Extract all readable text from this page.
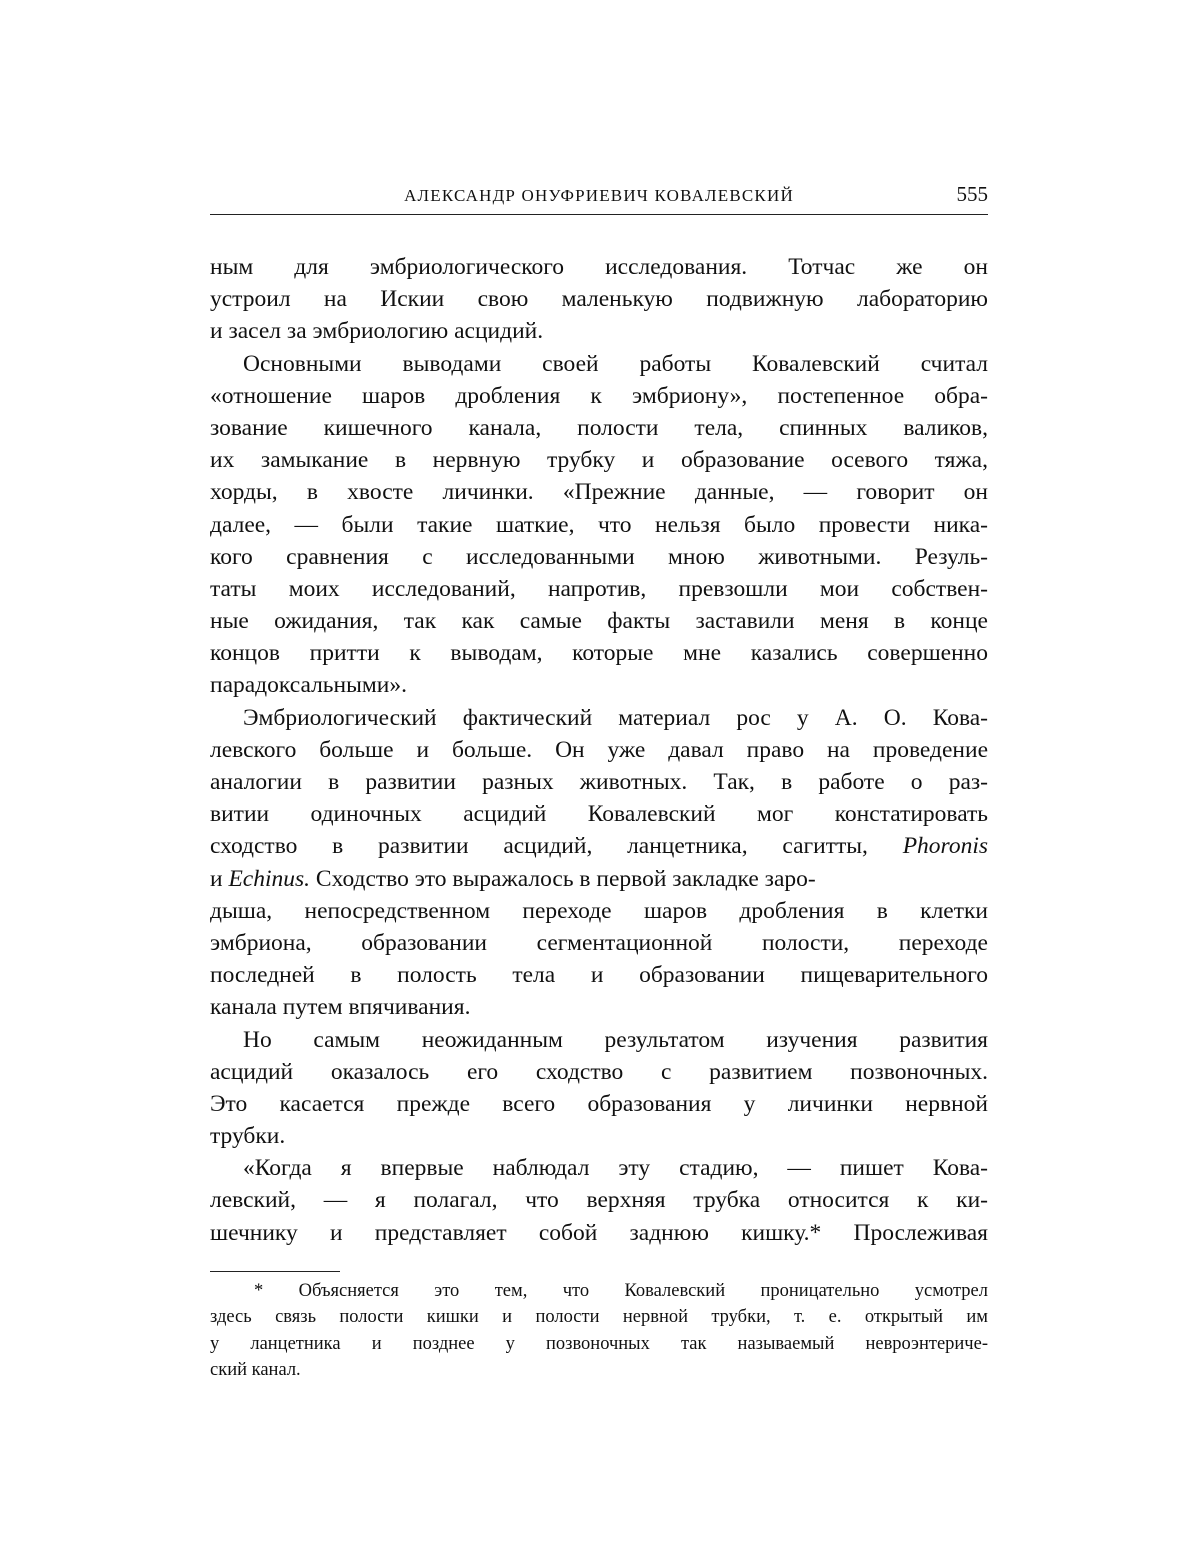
АЛЕКСАНДР ОНУФРИЕВИЧ КОВАЛЕВСКИЙ	555
ным для эмбриологического исследования. Тотчас же он
устроил на Искии свою маленькую подвижную лабораторию
и засел за эмбриологию асцидий.
Основными выводами своей работы Ковалевский считал
«отношение шаров дробления к эмбриону», постепенное обра-
зование кишечного канала, полости тела, спинных валиков,
их замыкание в нервную трубку и образование осевого тяжа,
хорды, в хвосте личинки. «Прежние данные, — говорит он
далее, — были такие шаткие, что нельзя было провести ника-
кого сравнения с исследованными мною животными. Резуль-
таты моих исследований, напротив, превзошли мои собствен-
ные ожидания, так как самые факты заставили меня в конце
концов притти к выводам, которые мне казались совершенно
парадоксальными».
Эмбриологический фактический материал рос у А. О. Кова-
левского больше и больше. Он уже давал право на проведение
аналогии в развитии разных животных. Так, в работе о раз-
витии одиночных асцидий Ковалевский мог констатировать
сходство в развитии асцидий, ланцетника, сагитты, Phoronis
и Echinus. Сходство это выражалось в первой закладке заро-
дыша, непосредственном переходе шаров дробления в клетки
эмбриона, образовании сегментационной полости, переходе
последней в полость тела и образовании пищеварительного
канала путем впячивания.
Но самым неожиданным результатом изучения развития
асцидий оказалось его сходство с развитием позвоночных.
Это касается прежде всего образования у личинки нервной
трубки.
«Когда я впервые наблюдал эту стадию, — пишет Кова-
левский, — я полагал, что верхняя трубка относится к ки-
шечнику и представляет собой заднюю кишку.* Прослеживая
* Объясняется это тем, что Ковалевский проницательно усмотрел
здесь связь полости кишки и полости нервной трубки, т. е. открытый им
у ланцетника и позднее у позвоночных так называемый невроэнтериче-
ский канал.
